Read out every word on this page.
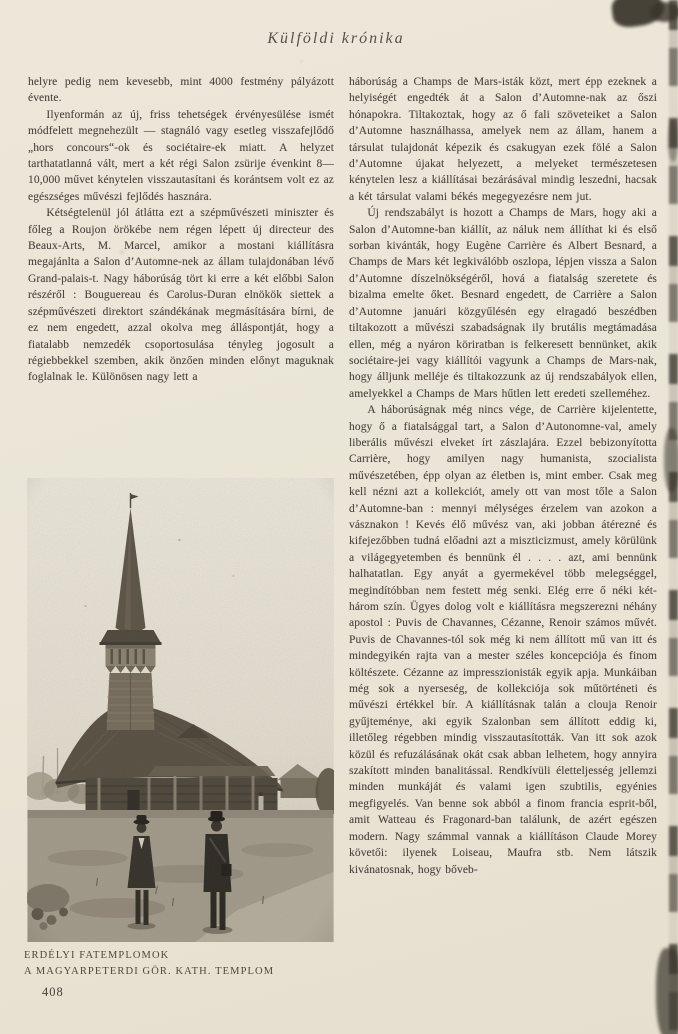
Külföldi krónika

helyre pedig nem kevesebb, mint 4000 festmény pályázott évente.

Ilyenformán az új, friss tehetségek érvényesülése ismét módfelett megnehezült — stagnáló vagy esetleg visszafejlődő „hors concours“-ok és sociétaire-ek miatt. A helyzet tarthatatlanná vált, mert a két régi Salon zsürije évenkint 8—10,000 művet kénytelen visszautasítani és korántsem volt ez az egészséges művészi fejlődés hasznára.

Kétségtelenül jól átlátta ezt a szépművészeti miniszter és főleg a Roujon örökébe nem régen lépett új directeur des Beaux-Arts, M. Marcel, amikor a mostani kiállításra megajánlta a Salon d’Automne-nek az állam tulajdonában lévő Grand-palais-t. Nagy háborúság tört ki erre a két előbbi Salon részéről : Bouguereau és Carolus-Duran elnökök siettek a szépművészeti direktort szándékának megmásítására bírni, de ez nem engedett, azzal okolva meg álláspontját, hogy a fiatalabb nemzedék csoportosulása tényleg jogosult a régiebbekkel szemben, akik önzően minden előnyt maguknak foglalnak le. Különösen nagy lett a

ERDÉLYI FATEMPLOMOK
A MAGYARPETERDI GÖR. KATH. TEMPLOM
408

háborúság a Champs de Mars-isták közt, mert épp ezeknek a helyiségét engedték át a Salon d’Automne-nak az őszi hónapokra. Tiltakoztak, hogy az ő fali szöveteiket a Salon d’Automne használhassa, amelyek nem az állam, hanem a társulat tulajdonát képezik és csakugyan ezek fölé a Salon d’Automne újakat helyezett, a melyeket természetesen kénytelen lesz a kiállításai bezárásával mindig leszedni, hacsak a két társulat valami békés megegyezésre nem jut.

Új rendszabályt is hozott a Champs de Mars, hogy aki a Salon d’Automne-ban kiállít, az náluk nem állíthat ki és első sorban kivánták, hogy Eugène Carrière és Albert Besnard, a Champs de Mars két legkiválóbb oszlopa, lépjen vissza a Salon d’Automne díszelnökségéről, hová a fiatalság szeretete és bizalma emelte őket. Besnard engedett, de Carrière a Salon d’Automne januári közgyűlésén egy elragadó beszédben tiltakozott a művészi szabadságnak ily brutális megtámadása ellen, még a nyáron köriratban is felkeresett bennünket, akik sociétaire-jei vagy kiállítói vagyunk a Champs de Mars-nak, hogy álljunk melléje és tiltakozzunk az új rendszabályok ellen, amelyekkel a Champs de Mars hűtlen lett eredeti szelleméhez.

A háborúságnak még nincs vége, de Carrière kijelentette, hogy ő a fiatalsággal tart, a Salon d’Autonomne-val, amely liberális művészi elveket írt zászlajára. Ezzel bebizonyította Carrière, hogy amilyen nagy humanista, szocialista művészetében, épp olyan az életben is, mint ember. Csak meg kell nézni azt a kollekciót, amely ott van most tőle a Salon d’Automne-ban : mennyi mélységes érzelem van azokon a vásznakon ! Kevés élő művész van, aki jobban átérezné és kifejezőbben tudná előadni azt a miszticizmust, amely körülünk a világegyetemben és bennünk él . . . . azt, ami bennünk halhatatlan. Egy anyát a gyermekével több melegséggel, megindítóbban nem festett még senki. Elég erre ő néki két-három szín. Ügyes dolog volt e kiállításra megszerezni néhány apostol : Puvis de Chavannes, Cézanne, Renoir számos művét. Puvis de Chavannes-tól sok még ki nem állított mű van itt és mindegyikén rajta van a mester széles koncepciója és finom költészete. Cézanne az impresszionisták egyik apja. Munkáiban még sok a nyerseség, de kollekciója sok műtörténeti és művészi értékkel bír. A kiállításnak talán a clouja Renoir gyűjteménye, aki egyik Szalonban sem állított eddig ki, illetőleg régebben mindig visszautasították. Van itt sok azok közül és refuzálásának okát csak abban lelhetem, hogy annyira szakított minden banalitással. Rendkívüli életteljesség jellemzi minden munkáját és valami igen szubtilis, egyénies megfigyelés. Van benne sok abból a finom francia esprit-ből, amit Watteau és Fragonard-ban találunk, de azért egészen modern. Nagy számmal vannak a kiállításon Claude Morey követői: ilyenek Loiseau, Maufra stb. Nem látszik kivánatosnak, hogy bőveb-
